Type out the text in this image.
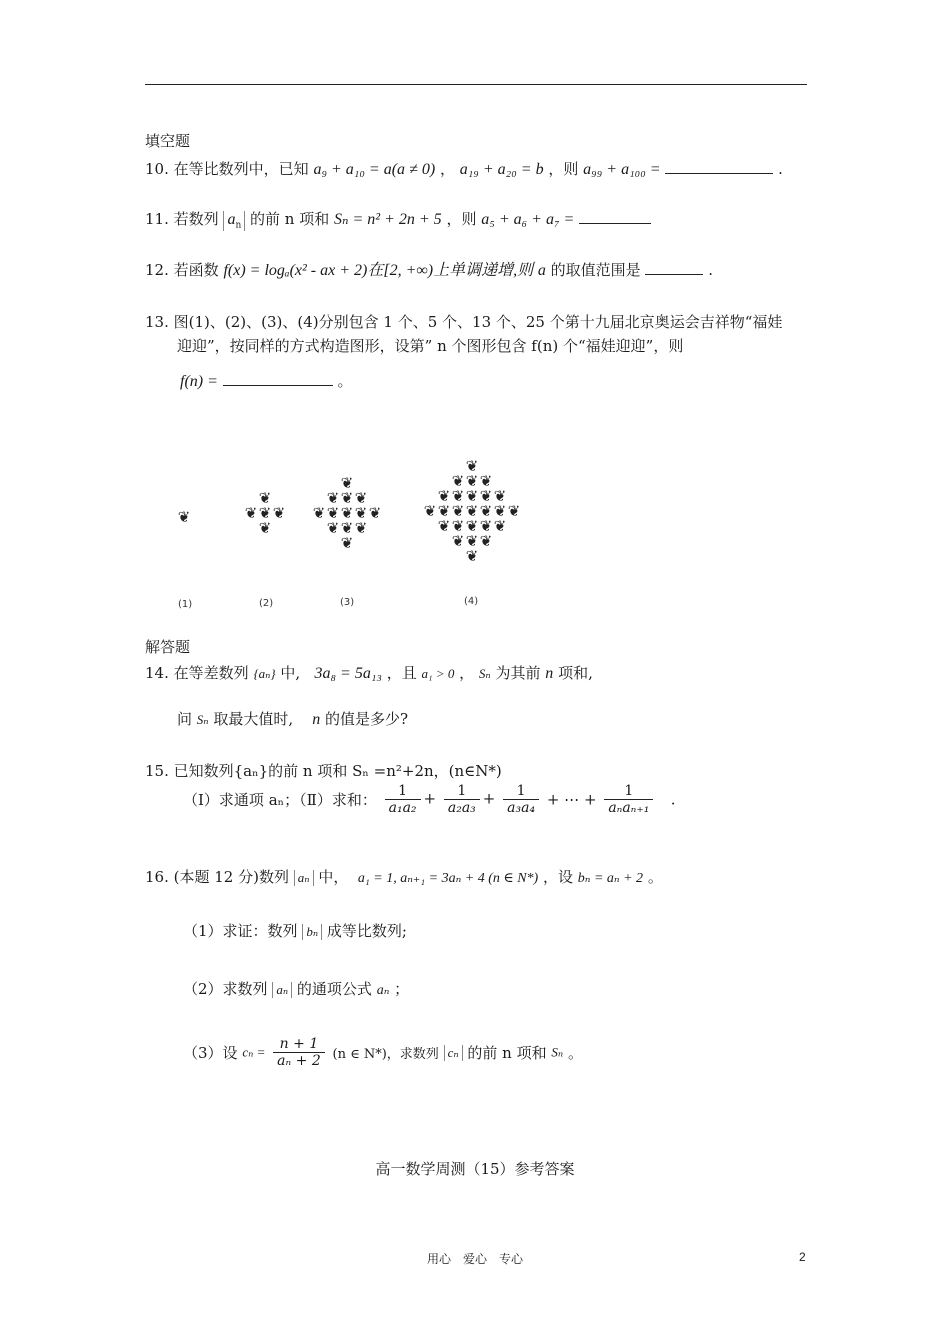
填空题
10. 在等比数列中，已知 a₉ + a₁₀ = a(a ≠ 0) ， a₁₉ + a₂₀ = b ，则 a₉₉ + a₁₀₀ =	.
11. 若数列 $a_n$ 的前 n 项和 Sₙ = n² + 2n + 5 ，则 a₅ + a₆ + a₇ =
12. 若函数 f(x) = logₐ(x² - ax + 2)在[2, +∞)上单调递增,则 a 的取值范围是	.
13. 图(1)、(2)、(3)、(4)分别包含 1 个、5 个、13 个、25 个第十九届北京奥运会吉祥物“福娃
迎迎”，按同样的方式构造图形，设第” n 个图形包含 f(n) 个“福娃迎迎”，则
f(n) =	。
❦
❦
❦ ❦ ❦
❦
❦
❦ ❦ ❦
❦ ❦ ❦ ❦ ❦
❦ ❦ ❦
❦
❦
❦ ❦ ❦
❦ ❦ ❦ ❦ ❦
❦ ❦ ❦ ❦ ❦ ❦ ❦
❦ ❦ ❦ ❦ ❦
❦ ❦ ❦
❦
(1)	(2)	(3)	(4)
解答题
14. 在等差数列 {aₙ} 中, 3a₈ = 5a₁₃ ，且 a₁ > 0 ， Sₙ 为其前 n 项和,
问 Sₙ 取最大值时, n 的值是多少?
15. 已知数列{aₙ}的前 n 项和 Sₙ =n²+2n，(n∈N*)
（Ⅰ）求通项 aₙ；（Ⅱ）求和： $\frac{1}{\text{a₁a₂}} + \frac{1}{\text{a₂a₃}} + \frac{1}{\text{a₃a₄}}$ + ⋯ + $\frac{1}{\text{aₙaₙ₊₁}}$ .
16. (本题 12 分)数列 aₙ 中， a₁ = 1, aₙ₊₁ = 3aₙ + 4 (n ∈ N*) ，设 bₙ = aₙ + 2 。
（1）求证：数列 bₙ 成等比数列;
（2）求数列 aₙ 的通项公式 aₙ ；
（3）设 $c_n = \frac{n + 1}{\text{aₙ + 2}} (n$ ∈ N*)，求数列 cₙ 的前 n 项和 Sₙ 。
高一数学周测（15）参考答案
用心　爱心　专心	2
